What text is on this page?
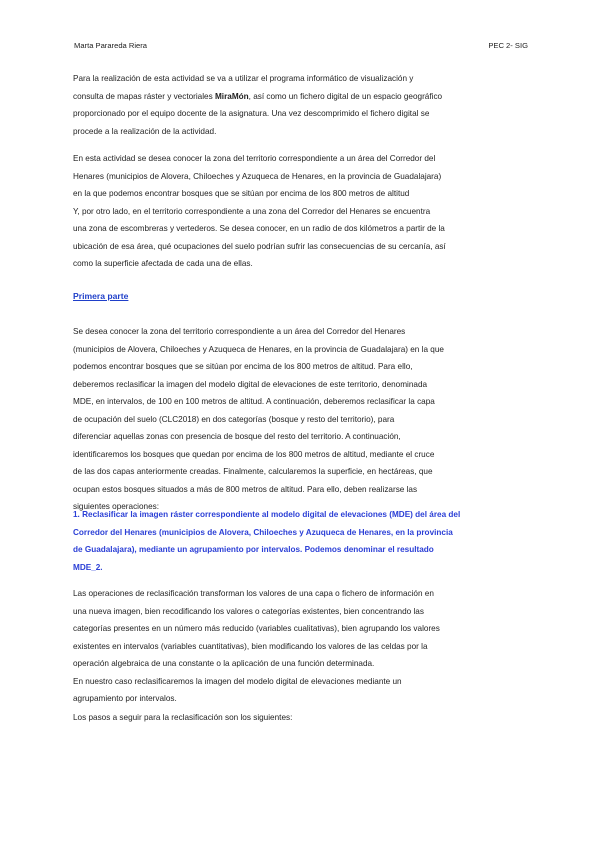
Marta Parareda Riera	PEC 2- SIG

Para la realización de esta actividad se va a utilizar el programa informático de visualización y
consulta de mapas ráster y vectoriales MiraMón, así como un fichero digital de un espacio geográfico
proporcionado por el equipo docente de la asignatura. Una vez descomprimido el fichero digital se
procede a la realización de la actividad.

En esta actividad se desea conocer la zona del territorio correspondiente a un área del Corredor del
Henares (municipios de Alovera, Chiloeches y Azuqueca de Henares, en la provincia de Guadalajara)
en la que podemos encontrar bosques que se sitúan por encima de los 800 metros de altitud
Y, por otro lado, en el territorio correspondiente a una zona del Corredor del Henares se encuentra
una zona de escombreras y vertederos. Se desea conocer, en un radio de dos kilómetros a partir de la
ubicación de esa área, qué ocupaciones del suelo podrían sufrir las consecuencias de su cercanía, así
como la superficie afectada de cada una de ellas.

Primera parte

Se desea conocer la zona del territorio correspondiente a un área del Corredor del Henares
(municipios de Alovera, Chiloeches y Azuqueca de Henares, en la provincia de Guadalajara) en la que
podemos encontrar bosques que se sitúan por encima de los 800 metros de altitud. Para ello,
deberemos reclasificar la imagen del modelo digital de elevaciones de este territorio, denominada
MDE, en intervalos, de 100 en 100 metros de altitud. A continuación, deberemos reclasificar la capa
de ocupación del suelo (CLC2018) en dos categorías (bosque y resto del territorio), para
diferenciar aquellas zonas con presencia de bosque del resto del territorio. A continuación,
identificaremos los bosques que quedan por encima de los 800 metros de altitud, mediante el cruce
de las dos capas anteriormente creadas. Finalmente, calcularemos la superficie, en hectáreas, que
ocupan estos bosques situados a más de 800 metros de altitud. Para ello, deben realizarse las
siguientes operaciones:

1. Reclasificar la imagen ráster correspondiente al modelo digital de elevaciones (MDE) del área del
Corredor del Henares (municipios de Alovera, Chiloeches y Azuqueca de Henares, en la provincia
de Guadalajara), mediante un agrupamiento por intervalos. Podemos denominar el resultado
MDE_2.

Las operaciones de reclasificación transforman los valores de una capa o fichero de información en
una nueva imagen, bien recodificando los valores o categorías existentes, bien concentrando las
categorías presentes en un número más reducido (variables cualitativas), bien agrupando los valores
existentes en intervalos (variables cuantitativas), bien modificando los valores de las celdas por la
operación algebraica de una constante o la aplicación de una función determinada.
En nuestro caso reclasificaremos la imagen del modelo digital de elevaciones mediante un
agrupamiento por intervalos.

Los pasos a seguir para la reclasificación son los siguientes:
